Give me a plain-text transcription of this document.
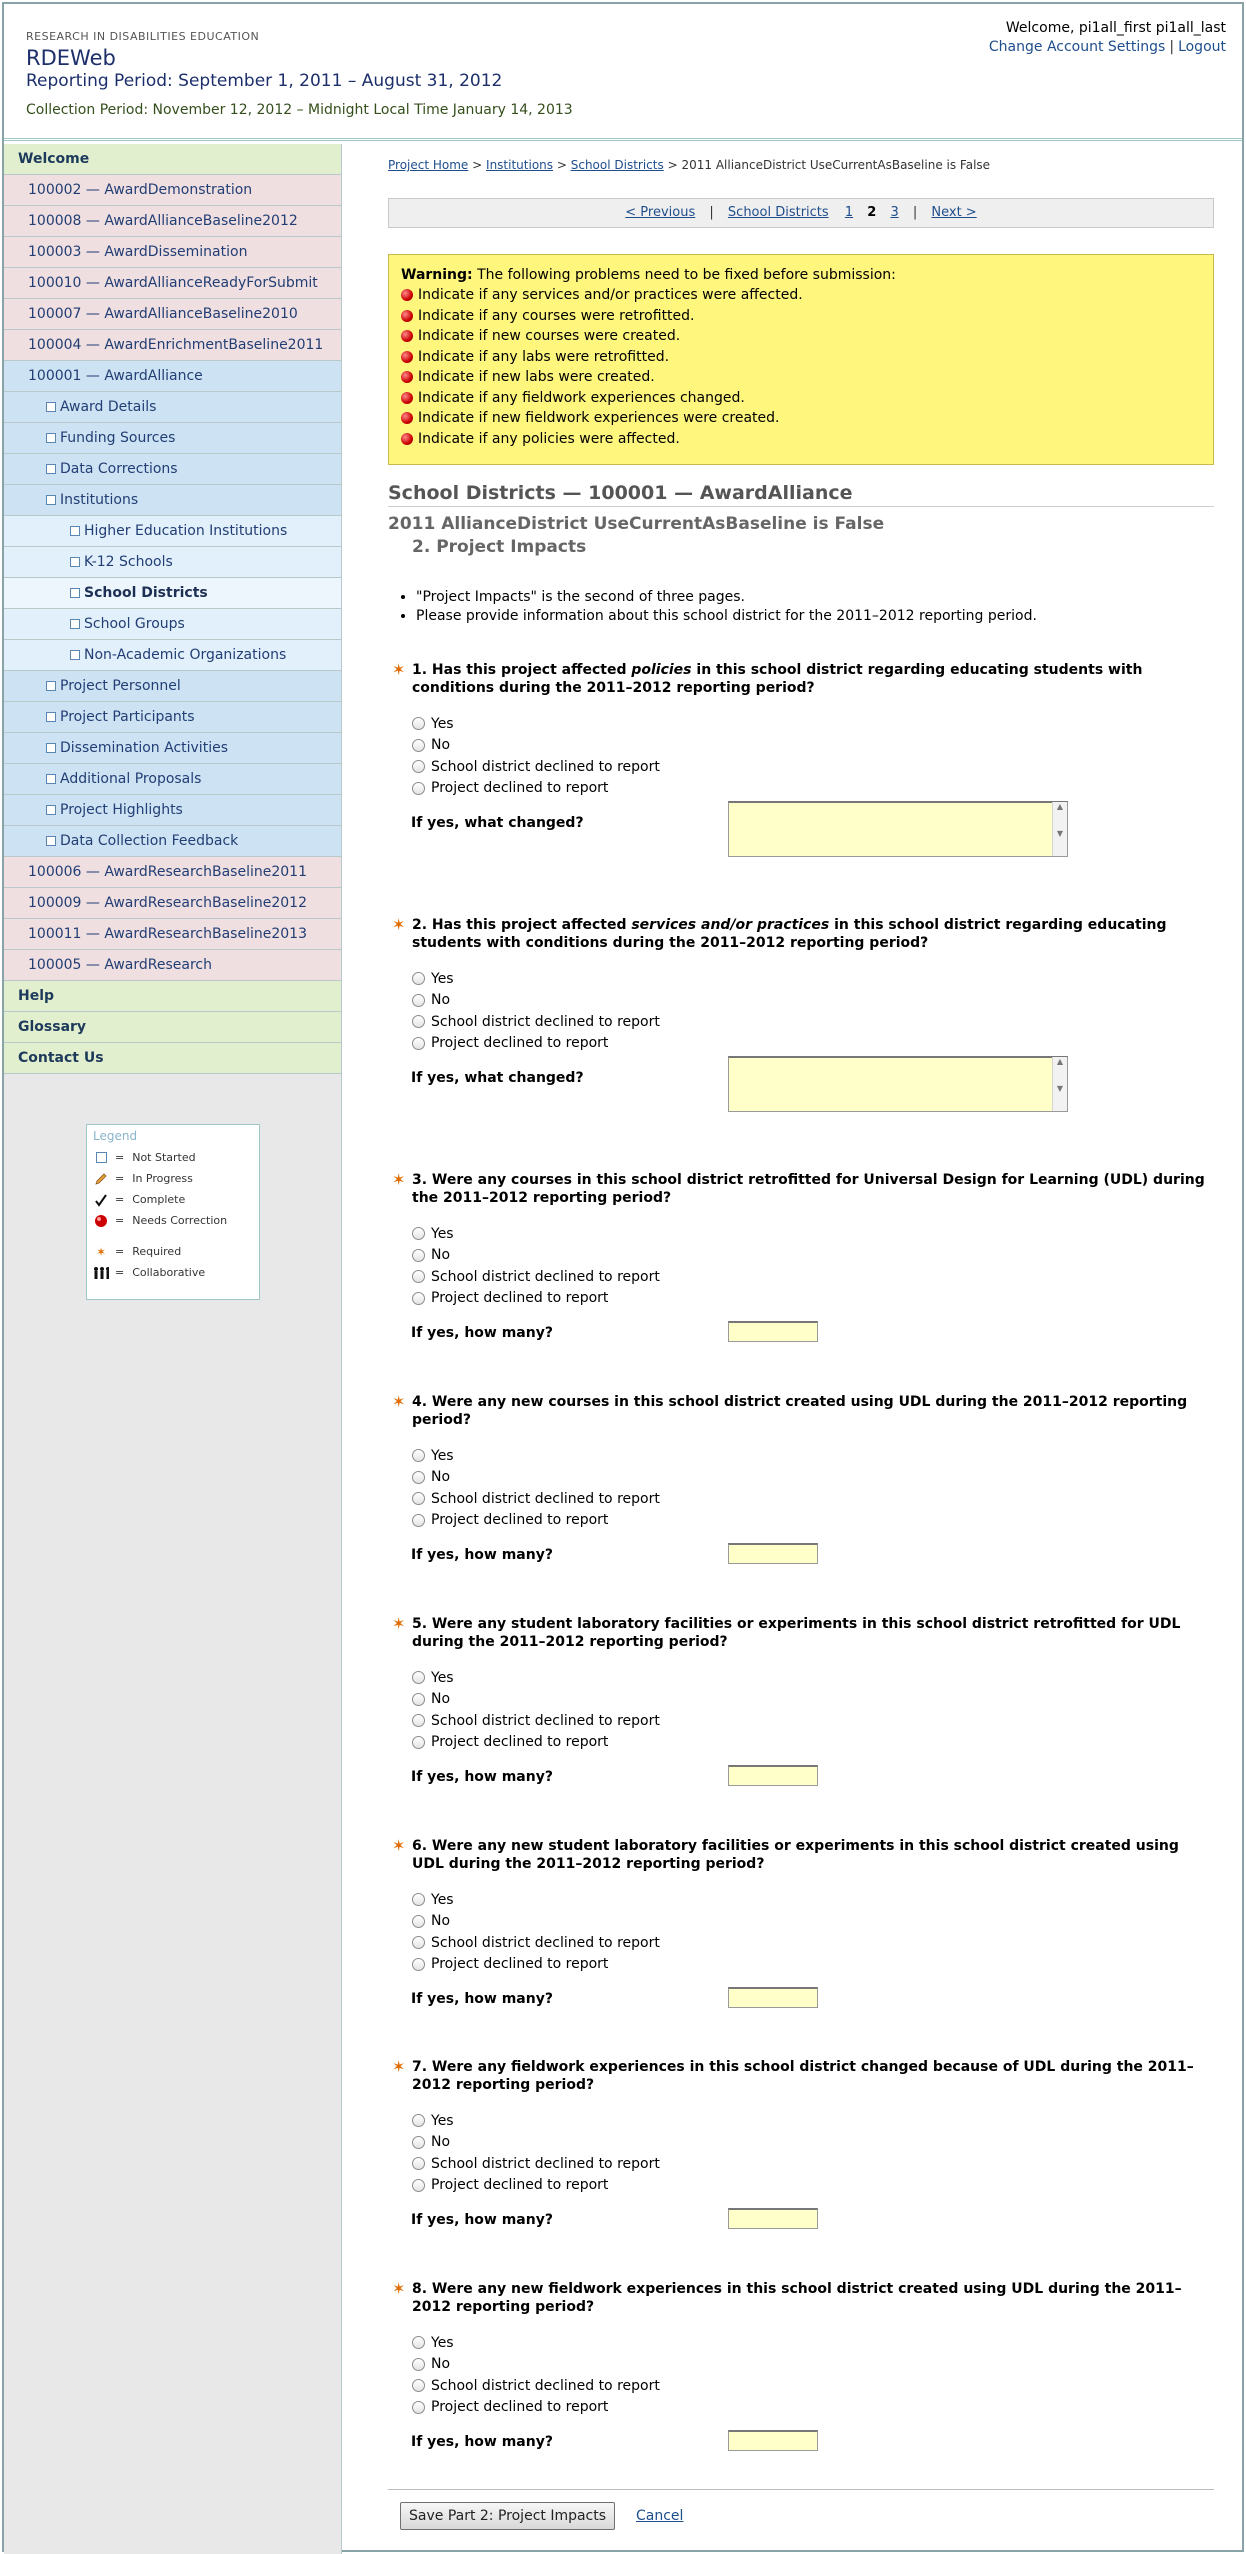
RESEARCH IN DISABILITIES EDUCATION
RDEWeb
Reporting Period: September 1, 2011 – August 31, 2012
Collection Period: November 12, 2012 – Midnight Local Time January 14, 2013
Welcome, pi1all_first pi1all_last
Change Account Settings | Logout
Welcome
100002 — AwardDemonstration
100008 — AwardAllianceBaseline2012
100003 — AwardDissemination
100010 — AwardAllianceReadyForSubmit
100007 — AwardAllianceBaseline2010
100004 — AwardEnrichmentBaseline2011
100001 — AwardAlliance
Award Details
Funding Sources
Data Corrections
Institutions
Higher Education Institutions
K-12 Schools
School Districts
School Groups
Non-Academic Organizations
Project Personnel
Project Participants
Dissemination Activities
Additional Proposals
Project Highlights
Data Collection Feedback
100006 — AwardResearchBaseline2011
100009 — AwardResearchBaseline2012
100011 — AwardResearchBaseline2013
100005 — AwardResearch
Help
Glossary
Contact Us
Legend
= Not Started
= In Progress
= Complete
= Needs Correction
✶ = Required
= Collaborative
Project Home > Institutions > School Districts > 2011 AllianceDistrict UseCurrentAsBaseline is False
< Previous | School Districts 1 2 3 | Next >
Warning: The following problems need to be fixed before submission:
Indicate if any services and/or practices were affected.
Indicate if any courses were retrofitted.
Indicate if new courses were created.
Indicate if any labs were retrofitted.
Indicate if new labs were created.
Indicate if any fieldwork experiences changed.
Indicate if new fieldwork experiences were created.
Indicate if any policies were affected.
School Districts — 100001 — AwardAlliance
2011 AllianceDistrict UseCurrentAsBaseline is False
2. Project Impacts
• "Project Impacts" is the second of three pages.
• Please provide information about this school district for the 2011–2012 reporting period.
✶ 1. Has this project affected policies in this school district regarding educating students with conditions during the 2011–2012 reporting period?
Yes
No
School district declined to report
Project declined to report
If yes, what changed?
▲

▼
✶ 2. Has this project affected services and/or practices in this school district regarding educating students with conditions during the 2011–2012 reporting period?
Yes
No
School district declined to report
Project declined to report
If yes, what changed?
▲

▼
✶ 3. Were any courses in this school district retrofitted for Universal Design for Learning (UDL) during the 2011–2012 reporting period?
Yes
No
School district declined to report
Project declined to report
If yes, how many?
✶ 4. Were any new courses in this school district created using UDL during the 2011–2012 reporting period?
Yes
No
School district declined to report
Project declined to report
If yes, how many?
✶ 5. Were any student laboratory facilities or experiments in this school district retrofitted for UDL during the 2011–2012 reporting period?
Yes
No
School district declined to report
Project declined to report
If yes, how many?
✶ 6. Were any new student laboratory facilities or experiments in this school district created using UDL during the 2011–2012 reporting period?
Yes
No
School district declined to report
Project declined to report
If yes, how many?
✶ 7. Were any fieldwork experiences in this school district changed because of UDL during the 2011–2012 reporting period?
Yes
No
School district declined to report
Project declined to report
If yes, how many?
✶ 8. Were any new fieldwork experiences in this school district created using UDL during the 2011–2012 reporting period?
Yes
No
School district declined to report
Project declined to report
If yes, how many?
Save Part 2: Project Impacts	Cancel
